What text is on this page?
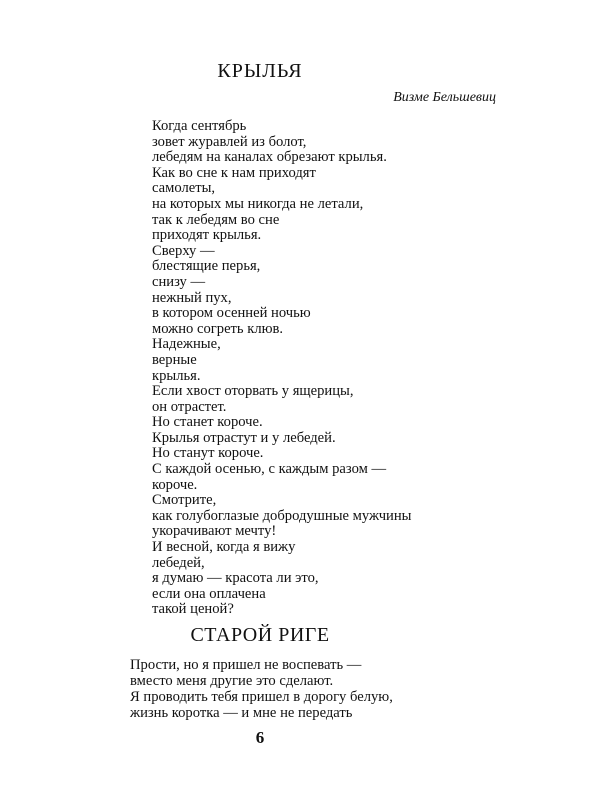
КРЫЛЬЯ

Визме Бельшевиц

Когда сентябрь
зовет журавлей из болот,
лебедям на каналах обрезают крылья.
Как во сне к нам приходят
самолеты,
на которых мы никогда не летали,
так к лебедям во сне
приходят крылья.
Сверху —
блестящие перья,
снизу —
нежный пух,
в котором осенней ночью
можно согреть клюв.
Надежные,
верные
крылья.
Если хвост оторвать у ящерицы,
он отрастет.
Но станет короче.
Крылья отрастут и у лебедей.
Но станут короче.
С каждой осенью, с каждым разом —
короче.
Смотрите,
как голубоглазые добродушные мужчины
укорачивают мечту!
И весной, когда я вижу
лебедей,
я думаю — красота ли это,
если она оплачена
такой ценой?
СТАРОЙ РИГЕ
Прости, но я пришел не воспевать —
вместо меня другие это сделают.
Я проводить тебя пришел в дорогу белую,
жизнь коротка — и мне не передать

6
